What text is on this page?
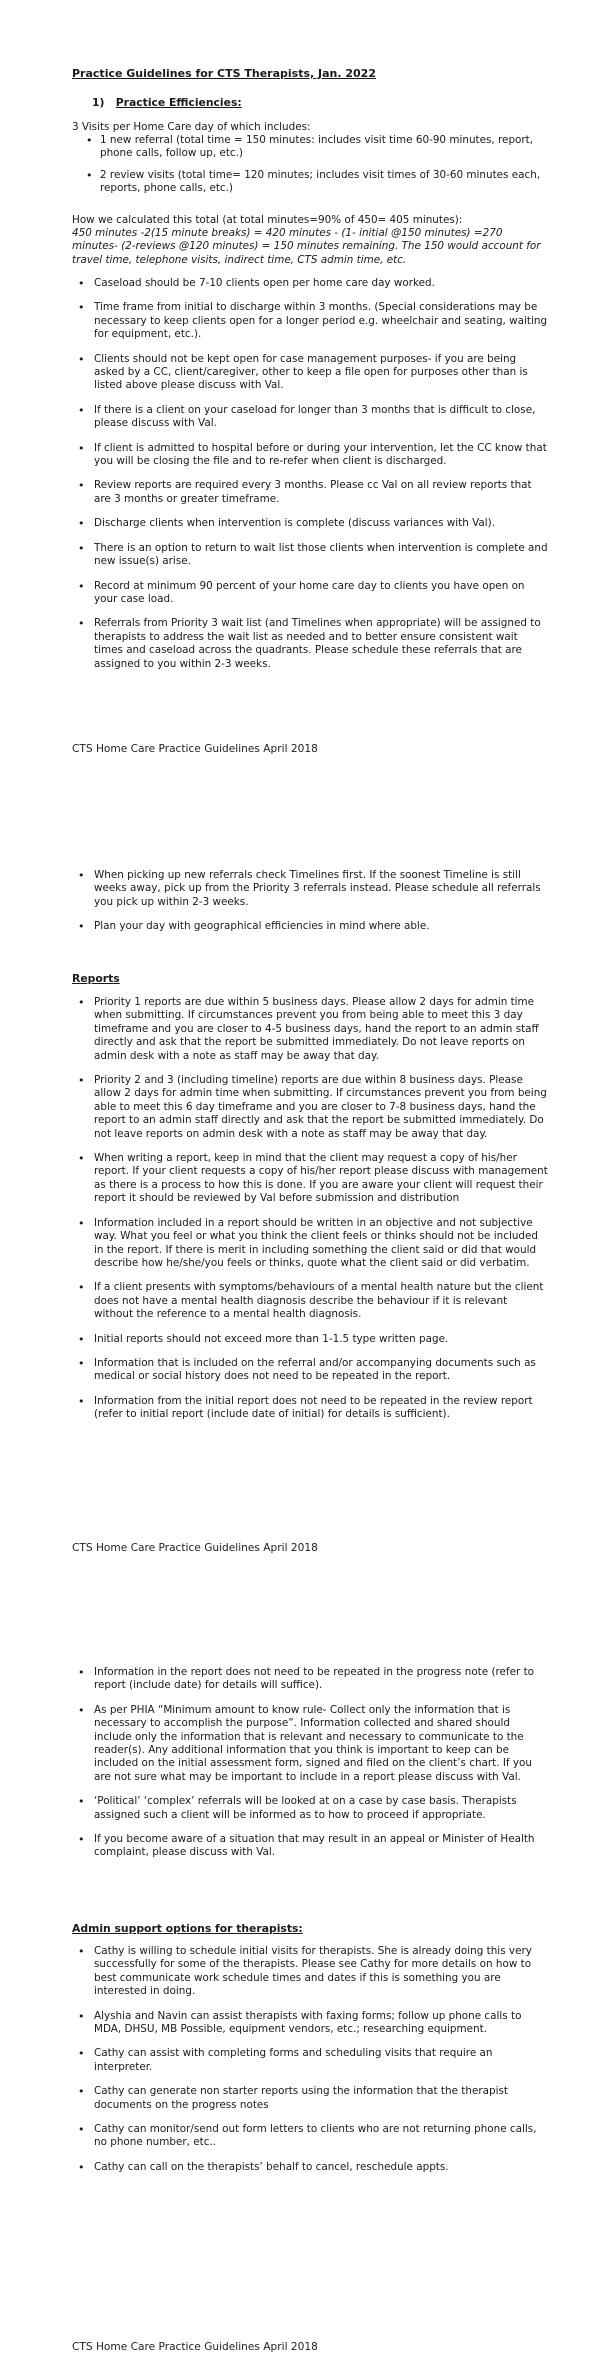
Practice Guidelines for CTS Therapists, Jan. 2022
1) Practice Efficiencies:

3 Visits per Home Care day of which includes:

• 1 new referral (total time = 150 minutes: includes visit time 60-90 minutes, report, phone calls, follow up, etc.)
• 2 review visits (total time= 120 minutes; includes visit times of 30-60 minutes each, reports, phone calls, etc.)

How we calculated this total (at total minutes=90% of 450= 405 minutes):

450 minutes -2(15 minute breaks) = 420 minutes - (1- initial @150 minutes) =270 minutes- (2-reviews @120 minutes) = 150 minutes remaining. The 150 would account for travel time, telephone visits, indirect time, CTS admin time, etc.

• Caseload should be 7-10 clients open per home care day worked.
• Time frame from initial to discharge within 3 months. (Special considerations may be necessary to keep clients open for a longer period e.g. wheelchair and seating, waiting for equipment, etc.).
• Clients should not be kept open for case management purposes- if you are being asked by a CC, client/caregiver, other to keep a file open for purposes other than is listed above please discuss with Val.
• If there is a client on your caseload for longer than 3 months that is difficult to close, please discuss with Val.
• If client is admitted to hospital before or during your intervention, let the CC know that you will be closing the file and to re-refer when client is discharged.
• Review reports are required every 3 months. Please cc Val on all review reports that are 3 months or greater timeframe.
• Discharge clients when intervention is complete (discuss variances with Val).
• There is an option to return to wait list those clients when intervention is complete and new issue(s) arise.
• Record at minimum 90 percent of your home care day to clients you have open on your case load.
• Referrals from Priority 3 wait list (and Timelines when appropriate) will be assigned to therapists to address the wait list as needed and to better ensure consistent wait times and caseload across the quadrants. Please schedule these referrals that are assigned to you within 2-3 weeks.

CTS Home Care Practice Guidelines April 2018

• When picking up new referrals check Timelines first. If the soonest Timeline is still weeks away, pick up from the Priority 3 referrals instead. Please schedule all referrals you pick up within 2-3 weeks.
• Plan your day with geographical efficiencies in mind where able.
Reports
• Priority 1 reports are due within 5 business days. Please allow 2 days for admin time when submitting. If circumstances prevent you from being able to meet this 3 day timeframe and you are closer to 4-5 business days, hand the report to an admin staff directly and ask that the report be submitted immediately. Do not leave reports on admin desk with a note as staff may be away that day.
• Priority 2 and 3 (including timeline) reports are due within 8 business days. Please allow 2 days for admin time when submitting. If circumstances prevent you from being able to meet this 6 day timeframe and you are closer to 7-8 business days, hand the report to an admin staff directly and ask that the report be submitted immediately. Do not leave reports on admin desk with a note as staff may be away that day.
• When writing a report, keep in mind that the client may request a copy of his/her report. If your client requests a copy of his/her report please discuss with management as there is a process to how this is done. If you are aware your client will request their report it should be reviewed by Val before submission and distribution
• Information included in a report should be written in an objective and not subjective way. What you feel or what you think the client feels or thinks should not be included in the report. If there is merit in including something the client said or did that would describe how he/she/you feels or thinks, quote what the client said or did verbatim.
• If a client presents with symptoms/behaviours of a mental health nature but the client does not have a mental health diagnosis describe the behaviour if it is relevant without the reference to a mental health diagnosis.
• Initial reports should not exceed more than 1-1.5 type written page.
• Information that is included on the referral and/or accompanying documents such as medical or social history does not need to be repeated in the report.
• Information from the initial report does not need to be repeated in the review report (refer to initial report (include date of initial) for details is sufficient).

CTS Home Care Practice Guidelines April 2018

• Information in the report does not need to be repeated in the progress note (refer to report (include date) for details will suffice).
• As per PHIA “Minimum amount to know rule- Collect only the information that is necessary to accomplish the purpose”. Information collected and shared should include only the information that is relevant and necessary to communicate to the reader(s). Any additional information that you think is important to keep can be included on the initial assessment form, signed and filed on the client’s chart. If you are not sure what may be important to include in a report please discuss with Val.
• ‘Political’ ‘complex’ referrals will be looked at on a case by case basis. Therapists assigned such a client will be informed as to how to proceed if appropriate.
• If you become aware of a situation that may result in an appeal or Minister of Health complaint, please discuss with Val.
Admin support options for therapists:
• Cathy is willing to schedule initial visits for therapists. She is already doing this very successfully for some of the therapists. Please see Cathy for more details on how to best communicate work schedule times and dates if this is something you are interested in doing.
• Alyshia and Navin can assist therapists with faxing forms; follow up phone calls to MDA, DHSU, MB Possible, equipment vendors, etc.; researching equipment.
• Cathy can assist with completing forms and scheduling visits that require an interpreter.
• Cathy can generate non starter reports using the information that the therapist documents on the progress notes
• Cathy can monitor/send out form letters to clients who are not returning phone calls, no phone number, etc..
• Cathy can call on the therapists’ behalf to cancel, reschedule appts.

CTS Home Care Practice Guidelines April 2018
